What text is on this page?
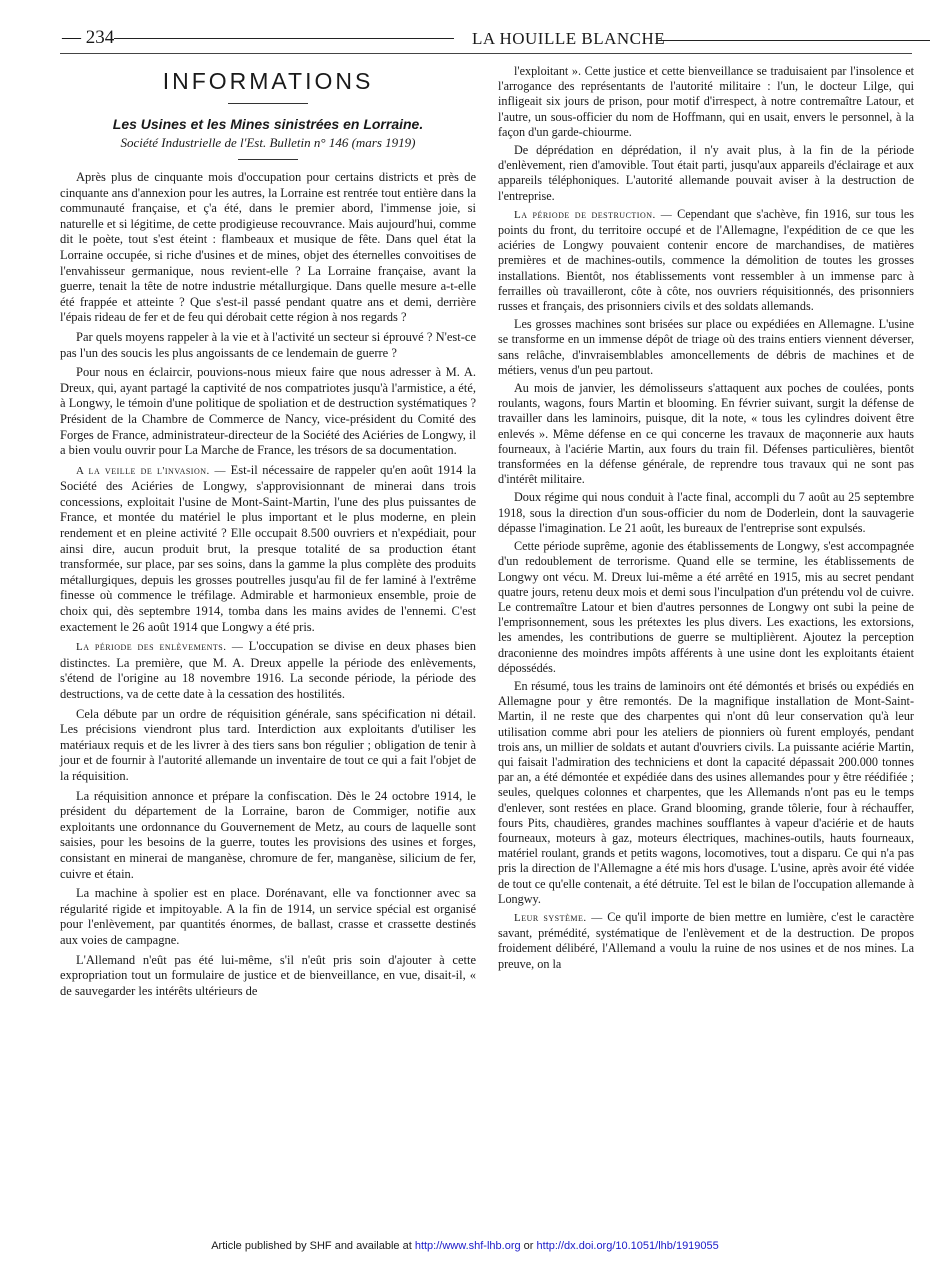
— 234	LA HOUILLE BLANCHE
INFORMATIONS
Les Usines et les Mines sinistrées en Lorraine.
Société Industrielle de l'Est. Bulletin n° 146 (mars 1919)

Après plus de cinquante mois d'occupation pour certains districts et près de cinquante ans d'annexion pour les autres, la Lorraine est rentrée tout entière dans la communauté française, et ç'a été, dans le premier abord, l'immense joie, si naturelle et si légitime, de cette prodigieuse recouvrance. Mais aujourd'hui, comme dit le poète, tout s'est éteint : flambeaux et musique de fête. Dans quel état la Lorraine occupée, si riche d'usines et de mines, objet des éternelles convoitises de l'envahisseur germanique, nous revient-elle ? La Lorraine française, avant la guerre, tenait la tête de notre industrie métallurgique. Dans quelle mesure a-t-elle été frappée et atteinte ? Que s'est-il passé pendant quatre ans et demi, derrière l'épais rideau de fer et de feu qui dérobait cette région à nos regards ?

Par quels moyens rappeler à la vie et à l'activité un secteur si éprouvé ? N'est-ce pas l'un des soucis les plus angoissants de ce lendemain de guerre ?

Pour nous en éclaircir, pouvions-nous mieux faire que nous adresser à M. A. Dreux, qui, ayant partagé la captivité de nos compatriotes jusqu'à l'armistice, a été, à Longwy, le témoin d'une politique de spoliation et de destruction systématiques ? Président de la Chambre de Commerce de Nancy, vice-président du Comité des Forges de France, administrateur-directeur de la Société des Aciéries de Longwy, il a bien voulu ouvrir pour La Marche de France, les trésors de sa documentation.

A la veille de l'invasion. — Est-il nécessaire de rappeler qu'en août 1914 la Société des Aciéries de Longwy, s'approvisionnant de minerai dans trois concessions, exploitait l'usine de Mont-Saint-Martin, l'une des plus puissantes de France, et montée du matériel le plus important et le plus moderne, en plein rendement et en pleine activité ? Elle occupait 8.500 ouvriers et n'expédiait, pour ainsi dire, aucun produit brut, la presque totalité de sa production étant transformée, sur place, par ses soins, dans la gamme la plus complète des produits métallurgiques, depuis les grosses poutrelles jusqu'au fil de fer laminé à l'extrême finesse où commence le tréfilage. Admirable et harmonieux ensemble, proie de choix qui, dès septembre 1914, tomba dans les mains avides de l'ennemi. C'est exactement le 26 août 1914 que Longwy a été pris.

La période des enlèvements. — L'occupation se divise en deux phases bien distinctes. La première, que M. A. Dreux appelle la période des enlèvements, s'étend de l'origine au 18 novembre 1916. La seconde période, la période des destructions, va de cette date à la cessation des hostilités.

Cela débute par un ordre de réquisition générale, sans spécification ni détail. Les précisions viendront plus tard. Interdiction aux exploitants d'utiliser les matériaux requis et de les livrer à des tiers sans bon régulier ; obligation de tenir à jour et de fournir à l'autorité allemande un inventaire de tout ce qui a fait l'objet de la réquisition.

La réquisition annonce et prépare la confiscation. Dès le 24 octobre 1914, le président du département de la Lorraine, baron de Commiger, notifie aux exploitants une ordonnance du Gouvernement de Metz, au cours de laquelle sont saisies, pour les besoins de la guerre, toutes les provisions des usines et forges, consistant en minerai de manganèse, chromure de fer, manganèse, silicium de fer, cuivre et étain.

La machine à spolier est en place. Dorénavant, elle va fonctionner avec sa régularité rigide et impitoyable. A la fin de 1914, un service spécial est organisé pour l'enlèvement, par quantités énormes, de ballast, crasse et crassette destinés aux voies de campagne.

L'Allemand n'eût pas été lui-même, s'il n'eût pris soin d'ajouter à cette expropriation tout un formulaire de justice et de bienveillance, en vue, disait-il, « de sauvegarder les intérêts ultérieurs de

l'exploitant ». Cette justice et cette bienveillance se traduisaient par l'insolence et l'arrogance des représentants de l'autorité militaire : l'un, le docteur Lilge, qui infligeait six jours de prison, pour motif d'irrespect, à notre contremaître Latour, et l'autre, un sous-officier du nom de Hoffmann, qui en usait, envers le personnel, à la façon d'un garde-chiourme.

De déprédation en déprédation, il n'y avait plus, à la fin de la période d'enlèvement, rien d'amovible. Tout était parti, jusqu'aux appareils d'éclairage et aux appareils téléphoniques. L'autorité allemande pouvait aviser à la destruction de l'entreprise.

La période de destruction. — Cependant que s'achève, fin 1916, sur tous les points du front, du territoire occupé et de l'Allemagne, l'expédition de ce que les aciéries de Longwy pouvaient contenir encore de marchandises, de matières premières et de machines-outils, commence la démolition de toutes les grosses installations. Bientôt, nos établissements vont ressembler à un immense parc à ferrailles où travailleront, côte à côte, nos ouvriers réquisitionnés, des prisonniers russes et français, des prisonniers civils et des soldats allemands.

Les grosses machines sont brisées sur place ou expédiées en Allemagne. L'usine se transforme en un immense dépôt de triage où des trains entiers viennent déverser, sans relâche, d'invraisemblables amoncellements de débris de machines et de métiers, venus d'un peu partout.

Au mois de janvier, les démolisseurs s'attaquent aux poches de coulées, ponts roulants, wagons, fours Martin et blooming. En février suivant, surgit la défense de travailler dans les laminoirs, puisque, dit la note, « tous les cylindres doivent être enlevés ». Même défense en ce qui concerne les travaux de maçonnerie aux hauts fourneaux, à l'aciérie Martin, aux fours du train fil. Défenses particulières, bientôt transformées en la défense générale, de reprendre tous travaux qui ne sont pas d'intérêt militaire.

Doux régime qui nous conduit à l'acte final, accompli du 7 août au 25 septembre 1918, sous la direction d'un sous-officier du nom de Doderlein, dont la sauvagerie dépasse l'imagination. Le 21 août, les bureaux de l'entreprise sont expulsés.

Cette période suprême, agonie des établissements de Longwy, s'est accompagnée d'un redoublement de terrorisme. Quand elle se termine, les établissements de Longwy ont vécu. M. Dreux lui-même a été arrêté en 1915, mis au secret pendant quatre jours, retenu deux mois et demi sous l'inculpation d'un prétendu vol de cuivre. Le contremaître Latour et bien d'autres personnes de Longwy ont subi la peine de l'emprisonnement, sous les prétextes les plus divers. Les exactions, les extorsions, les amendes, les contributions de guerre se multiplièrent. Ajoutez la perception draconienne des moindres impôts afférents à une usine dont les exploitants étaient dépossédés.

En résumé, tous les trains de laminoirs ont été démontés et brisés ou expédiés en Allemagne pour y être remontés. De la magnifique installation de Mont-Saint-Martin, il ne reste que des charpentes qui n'ont dû leur conservation qu'à leur utilisation comme abri pour les ateliers de pionniers où furent employés, pendant trois ans, un millier de soldats et autant d'ouvriers civils. La puissante aciérie Martin, qui faisait l'admiration des techniciens et dont la capacité dépassait 200.000 tonnes par an, a été démontée et expédiée dans des usines allemandes pour y être réédifiée ; seules, quelques colonnes et charpentes, que les Allemands n'ont pas eu le temps d'enlever, sont restées en place. Grand blooming, grande tôlerie, four à réchauffer, fours Pits, chaudières, grandes machines soufflantes à vapeur d'aciérie et de hauts fourneaux, moteurs à gaz, moteurs électriques, machines-outils, hauts fourneaux, matériel roulant, grands et petits wagons, locomotives, tout a disparu. Ce qui n'a pas pris la direction de l'Allemagne a été mis hors d'usage. L'usine, après avoir été vidée de tout ce qu'elle contenait, a été détruite. Tel est le bilan de l'occupation allemande à Longwy.

Leur système. — Ce qu'il importe de bien mettre en lumière, c'est le caractère savant, prémédité, systématique de l'enlèvement et de la destruction. De propos froidement délibéré, l'Allemand a voulu la ruine de nos usines et de nos mines. La preuve, on la

Article published by SHF and available at http://www.shf-lhb.org or http://dx.doi.org/10.1051/lhb/1919055
